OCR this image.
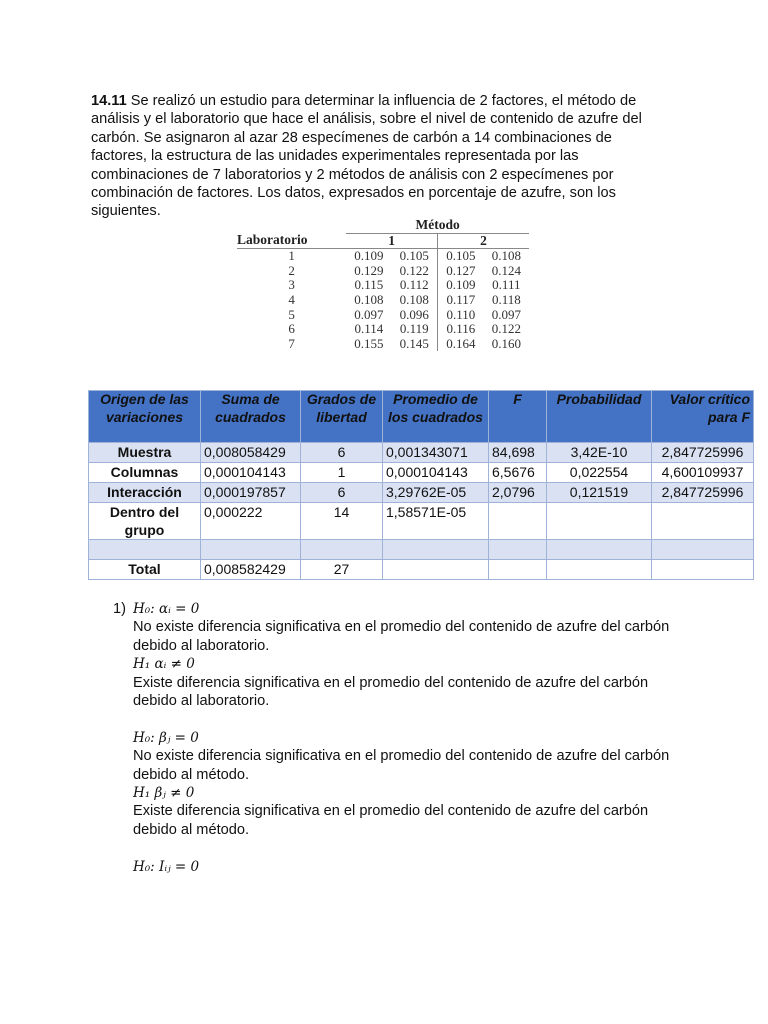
14.11 Se realizó un estudio para determinar la influencia de 2 factores, el método de análisis y el laboratorio que hace el análisis, sobre el nivel de contenido de azufre del carbón. Se asignaron al azar 28 especímenes de carbón a 14 combinaciones de factores, la estructura de las unidades experimentales representada por las combinaciones de 7 laboratorios y 2 métodos de análisis con 2 especímenes por combinación de factores. Los datos, expresados en porcentaje de azufre, son los siguientes.
	Método			
Laboratorio	1		2	
1	0.109	0.105	0.105	0.108
2	0.129	0.122	0.127	0.124
3	0.115	0.112	0.109	0.111
4	0.108	0.108	0.117	0.118
5	0.097	0.096	0.110	0.097
6	0.114	0.119	0.116	0.122
7	0.155	0.145	0.164	0.160
Origen de las variaciones	Suma de cuadrados	Grados de libertad	Promedio de los cuadrados	F	Probabilidad	Valor crítico para F
Muestra	0,008058429	6	0,001343071	84,698	3,42E-10	2,847725996
Columnas	0,000104143	1	0,000104143	6,5676	0,022554	4,600109937
Interacción	0,000197857	6	3,29762E-05	2,0796	0,121519	2,847725996
Dentro del grupo	0,000222	14	1,58571E-05			

Total	0,008582429	27				
1) H₀: αᵢ = 0
No existe diferencia significativa en el promedio del contenido de azufre del carbón debido al laboratorio.
H₁ αᵢ ≠ 0
Existe diferencia significativa en el promedio del contenido de azufre del carbón debido al laboratorio.
H₀: βⱼ = 0
No existe diferencia significativa en el promedio del contenido de azufre del carbón debido al método.
H₁ βⱼ ≠ 0
Existe diferencia significativa en el promedio del contenido de azufre del carbón debido al método.
H₀: Iᵢⱼ = 0
